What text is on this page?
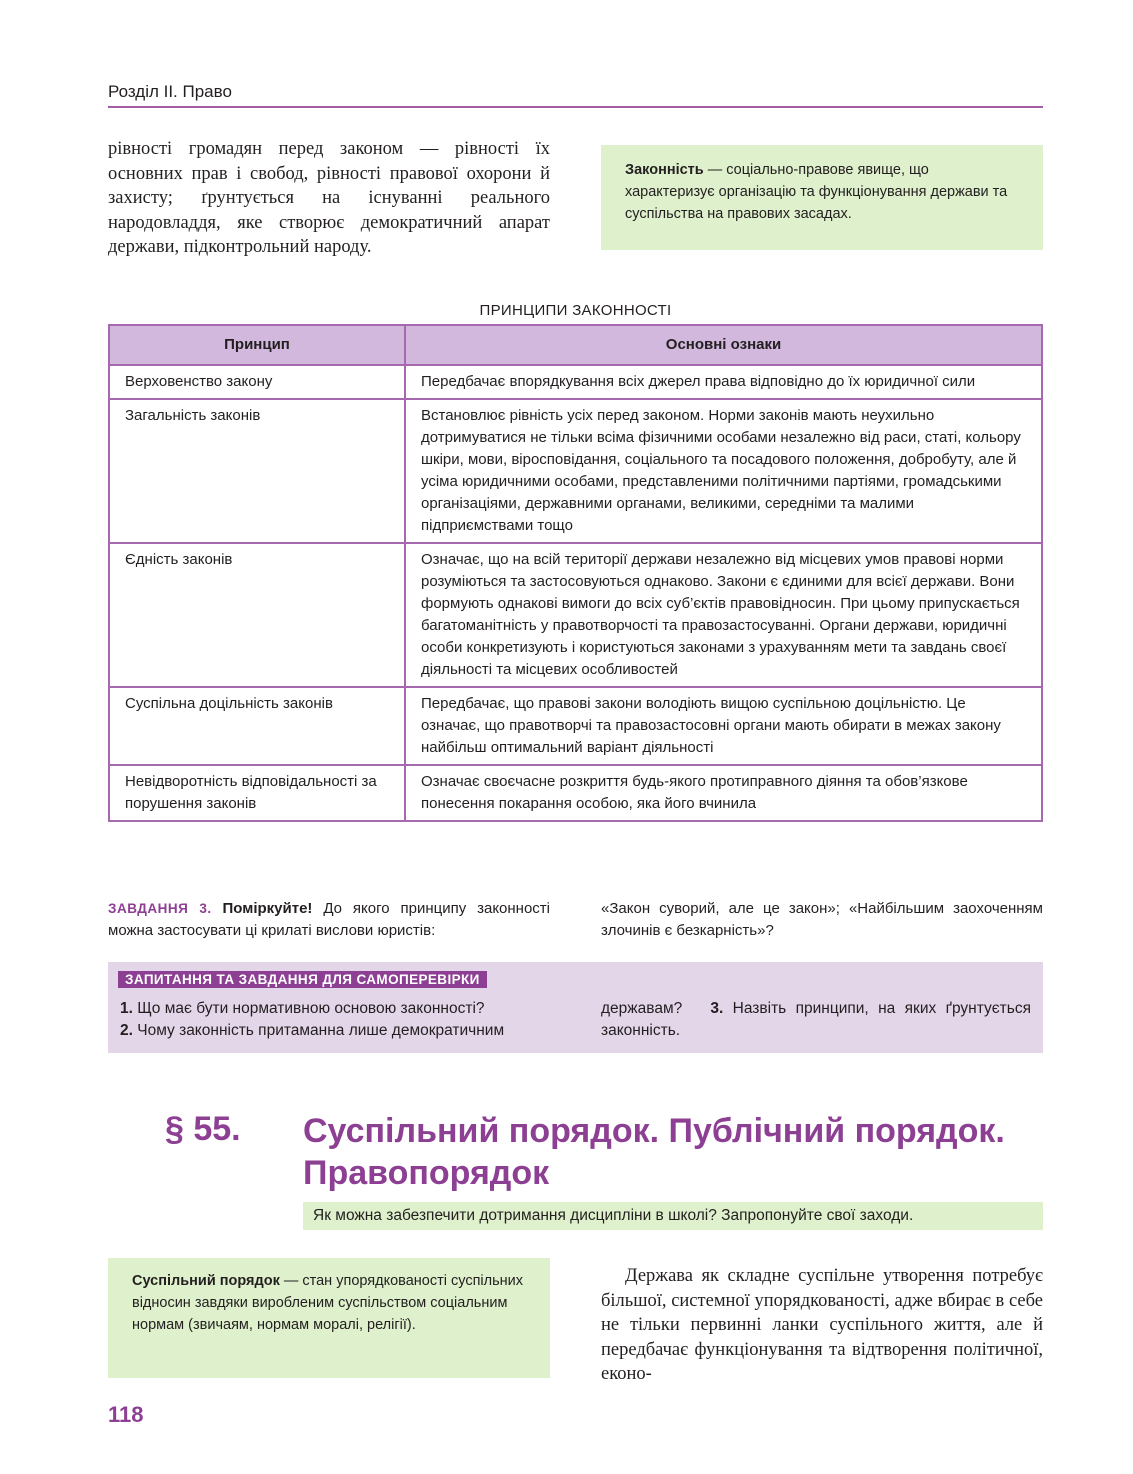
Розділ ІІ. Право
рівності громадян перед законом — рівності їх основних прав і свобод, рівності правової охорони й захисту; ґрунтується на існуванні реального народовладдя, яке створює демократичний апарат держави, підконтрольний народу.
Законність — соціально-правове явище, що характеризує організацію та функціонування держави та суспільства на правових засадах.
ПРИНЦИПИ ЗАКОННОСТІ
Принцип	Основні ознаки
Верховенство закону	Передбачає впорядкування всіх джерел права відповідно до їх юридичної сили
Загальність законів	Встановлює рівність усіх перед законом. Норми законів мають неухильно дотримуватися не тільки всіма фізичними особами незалежно від раси, статі, кольору шкіри, мови, віросповідання, соціального та посадового положення, добробуту, але й усіма юридичними особами, представленими політичними партіями, громадськими організаціями, державними органами, великими, середніми та малими підприємствами тощо
Єдність законів	Означає, що на всій території держави незалежно від місцевих умов правові норми розуміються та застосовуються однаково. Закони є єдиними для всієї держави. Вони формують однакові вимоги до всіх суб’єктів правовідносин. При цьому припускається багатоманітність у правотворчості та правозастосуванні. Органи держави, юридичні особи конкретизують і користуються законами з урахуванням мети та завдань своєї діяльності та місцевих особливостей
Суспільна доцільність законів	Передбачає, що правові закони володіють вищою суспільною доцільністю. Це означає, що правотворчі та правозастосовні органи мають обирати в межах закону найбільш оптимальний варіант діяльності
Невідворотність відповідальності за порушення законів	Означає своєчасне розкриття будь-якого протиправного діяння та обов’язкове понесення покарання особою, яка його вчинила
ЗАВДАННЯ 3. Поміркуйте! До якого принципу законності можна застосувати ці крилаті вислови юристів:
«Закон суворий, але це закон»; «Найбільшим заохоченням злочинів є безкарність»?
ЗАПИТАННЯ ТА ЗАВДАННЯ ДЛЯ САМОПЕРЕВІРКИ
1. Що має бути нормативною основою законності?
2. Чому законність притаманна лише демократичним
державам? 3. Назвіть принципи, на яких ґрунтується законність.
§ 55. Суспільний порядок. Публічний порядок. Правопорядок
Як можна забезпечити дотримання дисципліни в школі? Запропонуйте свої заходи.
Суспільний порядок — стан упорядкованості суспільних відносин завдяки виробленим суспільством соціальним нормам (звичаям, нормам моралі, релігії).

Держава як складне суспільне утворення потребує більшої, системної упорядкованості, адже вбирає в себе не тільки первинні ланки суспільного життя, але й передбачає функціонування та відтворення політичної, еконо-

118
